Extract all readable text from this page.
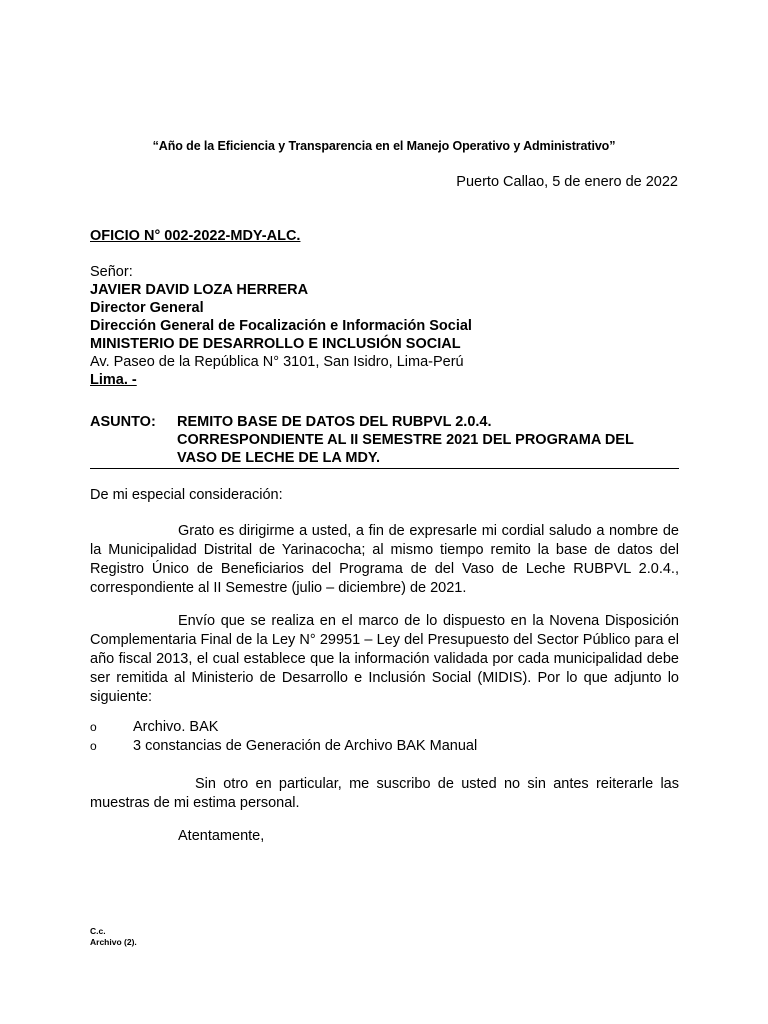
“Año de la Eficiencia y Transparencia en el Manejo Operativo y Administrativo”
Puerto Callao, 5 de enero de 2022
OFICIO N° 002-2022-MDY-ALC.
Señor:
JAVIER DAVID LOZA HERRERA
Director General
Dirección General de Focalización e Información Social
MINISTERIO DE DESARROLLO E INCLUSIÓN SOCIAL
Av. Paseo de la República N° 3101, San Isidro, Lima-Perú
Lima. -
ASUNTO: REMITO BASE DE DATOS DEL RUBPVL 2.0.4.
CORRESPONDIENTE AL II SEMESTRE 2021 DEL PROGRAMA DEL
VASO DE LECHE DE LA MDY.
De mi especial consideración:

Grato es dirigirme a usted, a fin de expresarle mi cordial saludo a nombre de la Municipalidad Distrital de Yarinacocha; al mismo tiempo remito la base de datos del Registro Único de Beneficiarios del Programa de del Vaso de Leche RUBPVL 2.0.4., correspondiente al II Semestre (julio – diciembre) de 2021.

Envío que se realiza en el marco de lo dispuesto en la Novena Disposición Complementaria Final de la Ley N° 29951 – Ley del Presupuesto del Sector Público para el año fiscal 2013, el cual establece que la información validada por cada municipalidad debe ser remitida al Ministerio de Desarrollo e Inclusión Social (MIDIS). Por lo que adjunto lo siguiente:

o	Archivo. BAK
o	3 constancias de Generación de Archivo BAK Manual

Sin otro en particular, me suscribo de usted no sin antes reiterarle las muestras de mi estima personal.

Atentamente,
C.c.
Archivo (2).
